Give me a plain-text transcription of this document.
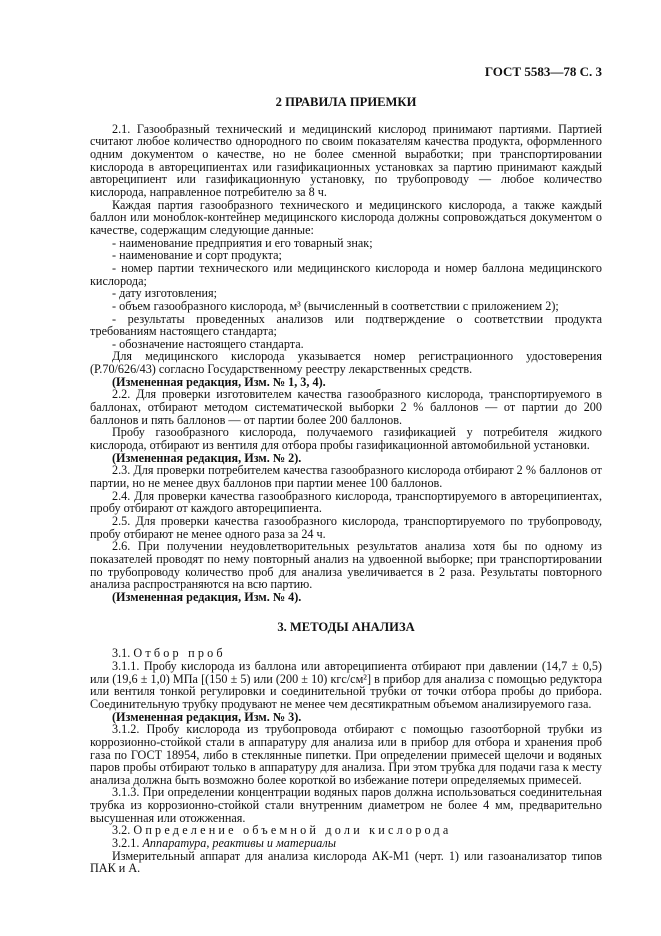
ГОСТ 5583—78 С. 3
2 ПРАВИЛА ПРИЕМКИ

2.1. Газообразный технический и медицинский кислород принимают партиями. Партией считают любое количество однородного по своим показателям качества продукта, оформленного одним документом о качестве, но не более сменной выработки; при транспортировании кислорода в автореципиентах или газификационных установках за партию принимают каждый автореципиент или газификационную установку, по трубопроводу — любое количество кислорода, направленное потребителю за 8 ч.

Каждая партия газообразного технического и медицинского кислорода, а также каждый баллон или моноблок-контейнер медицинского кислорода должны сопровождаться документом о качестве, содержащим следующие данные:

- наименование предприятия и его товарный знак;

- наименование и сорт продукта;

- номер партии технического или медицинского кислорода и номер баллона медицинского кислорода;

- дату изготовления;

- объем газообразного кислорода, м³ (вычисленный в соответствии с приложением 2);

- результаты проведенных анализов или подтверждение о соответствии продукта требованиям настоящего стандарта;

- обозначение настоящего стандарта.

Для медицинского кислорода указывается номер регистрационного удостоверения (Р.70/626/43) согласно Государственному реестру лекарственных средств.

(Измененная редакция, Изм. № 1, 3, 4).

2.2. Для проверки изготовителем качества газообразного кислорода, транспортируемого в баллонах, отбирают методом систематической выборки 2 % баллонов — от партии до 200 баллонов и пять баллонов — от партии более 200 баллонов.

Пробу газообразного кислорода, получаемого газификацией у потребителя жидкого кислорода, отбирают из вентиля для отбора пробы газификационной автомобильной установки.

(Измененная редакция, Изм. № 2).

2.3. Для проверки потребителем качества газообразного кислорода отбирают 2 % баллонов от партии, но не менее двух баллонов при партии менее 100 баллонов.

2.4. Для проверки качества газообразного кислорода, транспортируемого в автореципиентах, пробу отбирают от каждого автореципиента.

2.5. Для проверки качества газообразного кислорода, транспортируемого по трубопроводу, пробу отбирают не менее одного раза за 24 ч.

2.6. При получении неудовлетворительных результатов анализа хотя бы по одному из показателей проводят по нему повторный анализ на удвоенной выборке; при транспортировании по трубопроводу количество проб для анализа увеличивается в 2 раза. Результаты повторного анализа распространяются на всю партию.

(Измененная редакция, Изм. № 4).

3. МЕТОДЫ АНАЛИЗА

3.1. Отбор проб

3.1.1. Пробу кислорода из баллона или автореципиента отбирают при давлении (14,7 ± 0,5) или (19,6 ± 1,0) МПа [(150 ± 5) или (200 ± 10) кгс/см²] в прибор для анализа с помощью редуктора или вентиля тонкой регулировки и соединительной трубки от точки отбора пробы до прибора. Соединительную трубку продувают не менее чем десятикратным объемом анализируемого газа.

(Измененная редакция, Изм. № 3).

3.1.2. Пробу кислорода из трубопровода отбирают с помощью газоотборной трубки из коррозионно-стойкой стали в аппаратуру для анализа или в прибор для отбора и хранения проб газа по ГОСТ 18954, либо в стеклянные пипетки. При определении примесей щелочи и водяных паров пробы отбирают только в аппаратуру для анализа. При этом трубка для подачи газа к месту анализа должна быть возможно более короткой во избежание потери определяемых примесей.

3.1.3. При определении концентрации водяных паров должна использоваться соединительная трубка из коррозионно-стойкой стали внутренним диаметром не более 4 мм, предварительно высушенная или отожженная.

3.2. Определение объемной доли кислорода

3.2.1. Аппаратура, реактивы и материалы

Измерительный аппарат для анализа кислорода АК-М1 (черт. 1) или газоанализатор типов ПАК и А.
